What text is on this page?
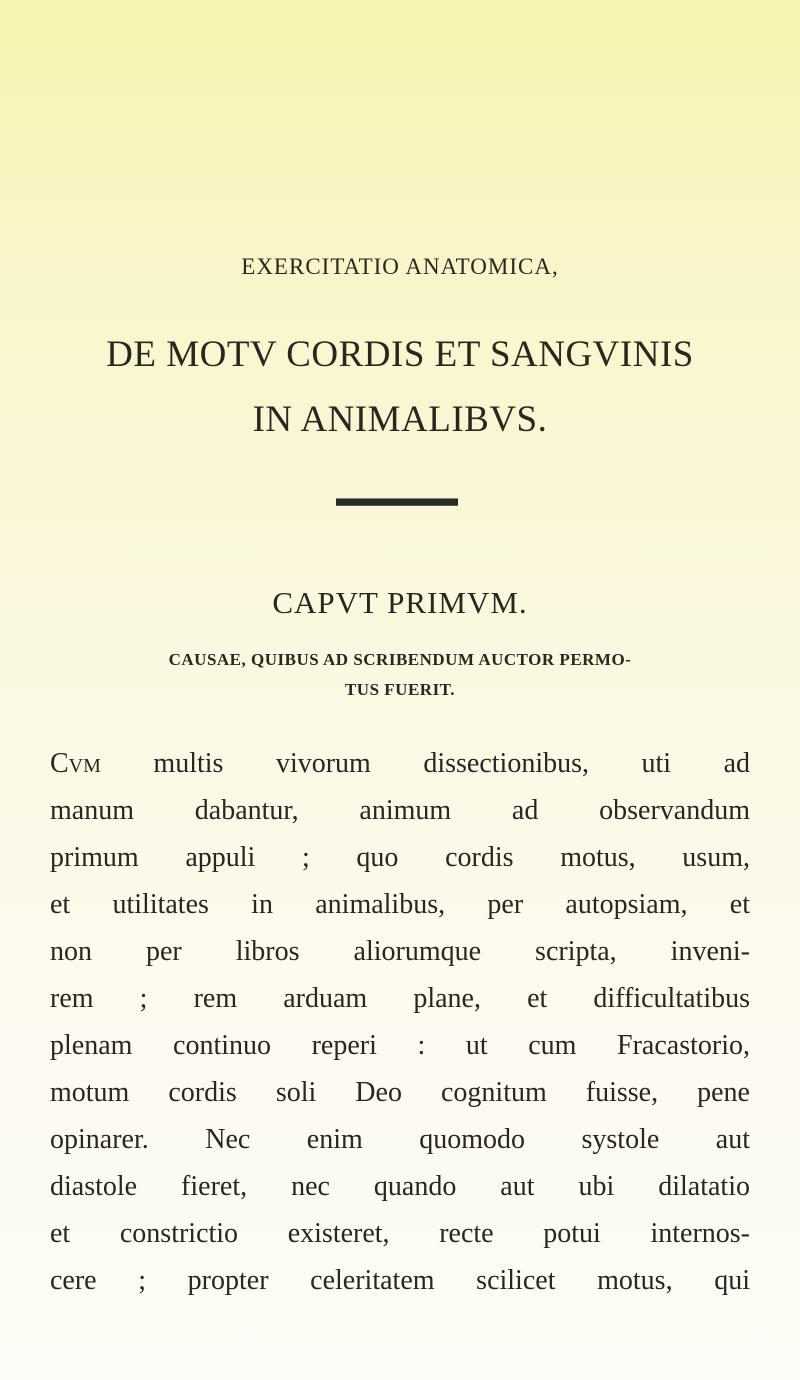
EXERCITATIO ANATOMICA,
DE MOTV CORDIS ET SANGVINIS
IN ANIMALIBVS.
CAPVT PRIMVM.
CAUSAE, QUIBUS AD SCRIBENDUM AUCTOR PERMO-
TUS FUERIT.
Cvm multis vivorum dissectionibus, uti ad
manum dabantur, animum ad observandum
primum appuli ; quo cordis motus, usum,
et utilitates in animalibus, per autopsiam, et
non per libros aliorumque scripta, inveni-
rem ; rem arduam plane, et difficultatibus
plenam continuo reperi : ut cum Fracastorio,
motum cordis soli Deo cognitum fuisse, pene
opinarer. Nec enim quomodo systole aut
diastole fieret, nec quando aut ubi dilatatio
et constrictio existeret, recte potui internos-
cere ; propter celeritatem scilicet motus, qui
